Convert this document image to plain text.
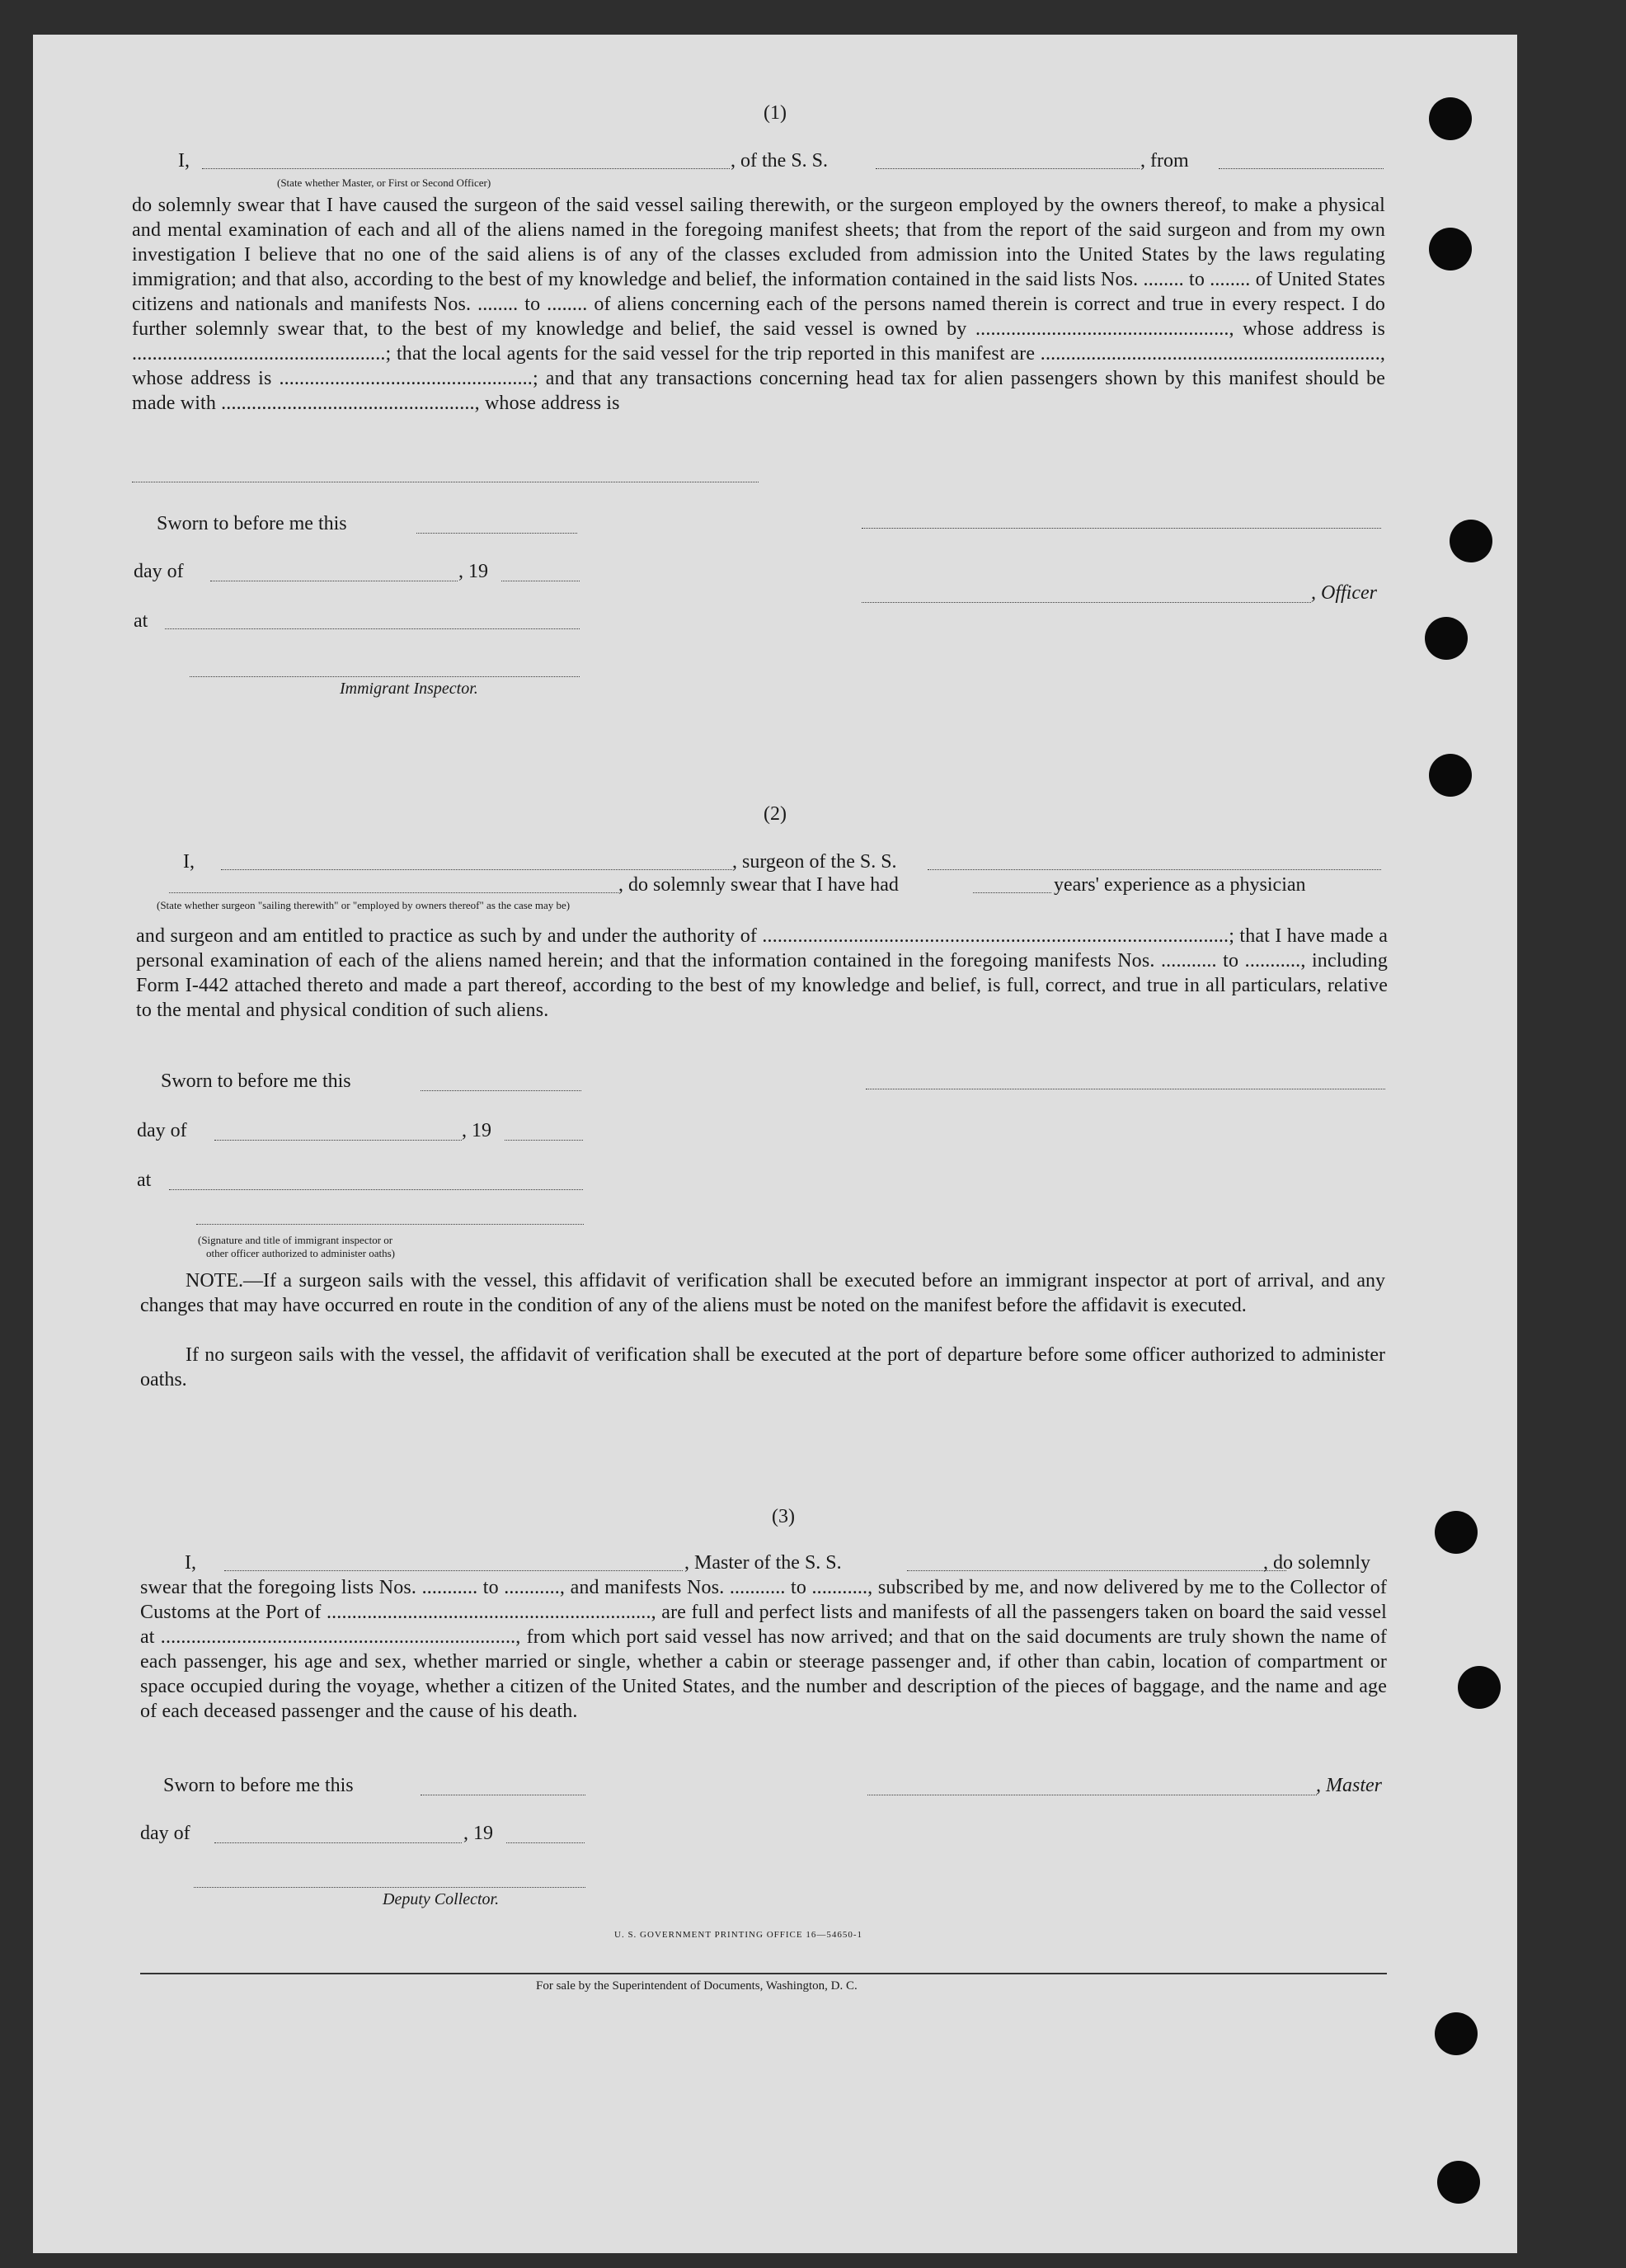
(1)
I,	, of the S. S.	, from
(State whether Master, or First or Second Officer)
do solemnly swear that I have caused the surgeon of the said vessel sailing therewith, or the surgeon employed by the owners thereof, to make a physical and mental examination of each and all of the aliens named in the foregoing manifest sheets; that from the report of the said surgeon and from my own investigation I believe that no one of the said aliens is of any of the classes excluded from admission into the United States by the laws regulating immigration; and that also, according to the best of my knowledge and belief, the information contained in the said lists Nos. ........ to ........ of United States citizens and nationals and manifests Nos. ........ to ........ of aliens concerning each of the persons named therein is correct and true in every respect. I do further solemnly swear that, to the best of my knowledge and belief, the said vessel is owned by .................................................., whose address is ..................................................; that the local agents for the said vessel for the trip reported in this manifest are ..................................................................., whose address is ..................................................; and that any transactions concerning head tax for alien passengers shown by this manifest should be made with .................................................., whose address is
Sworn to before me this
day of	, 19
, Officer
at
Immigrant Inspector.
(2)
I,	, surgeon of the S. S.
, do solemnly swear that I have had	years' experience as a physician
(State whether surgeon "sailing therewith" or "employed by owners thereof" as the case may be)
and surgeon and am entitled to practice as such by and under the authority of ............................................................................................; that I have made a personal examination of each of the aliens named herein; and that the information contained in the foregoing manifests Nos. ........... to ..........., including Form I-442 attached thereto and made a part thereof, according to the best of my knowledge and belief, is full, correct, and true in all particulars, relative to the mental and physical condition of such aliens.
Sworn to before me this
day of	, 19
at
(Signature and title of immigrant inspector or
other officer authorized to administer oaths)
NOTE.—If a surgeon sails with the vessel, this affidavit of verification shall be executed before an immigrant inspector at port of arrival, and any changes that may have occurred en route in the condition of any of the aliens must be noted on the manifest before the affidavit is executed.
If no surgeon sails with the vessel, the affidavit of verification shall be executed at the port of departure before some officer authorized to administer oaths.
(3)
I,	, Master of the S. S.	, do solemnly
swear that the foregoing lists Nos. ........... to ..........., and manifests Nos. ........... to ..........., subscribed by me, and now delivered by me to the Collector of Customs at the Port of ................................................................, are full and perfect lists and manifests of all the passengers taken on board the said vessel at ......................................................................, from which port said vessel has now arrived; and that on the said documents are truly shown the name of each passenger, his age and sex, whether married or single, whether a cabin or steerage passenger and, if other than cabin, location of compartment or space occupied during the voyage, whether a citizen of the United States, and the number and description of the pieces of baggage, and the name and age of each deceased passenger and the cause of his death.
Sworn to before me this	, Master
day of	, 19
Deputy Collector.
U. S. GOVERNMENT PRINTING OFFICE 16—54650-1
For sale by the Superintendent of Documents, Washington, D. C.
